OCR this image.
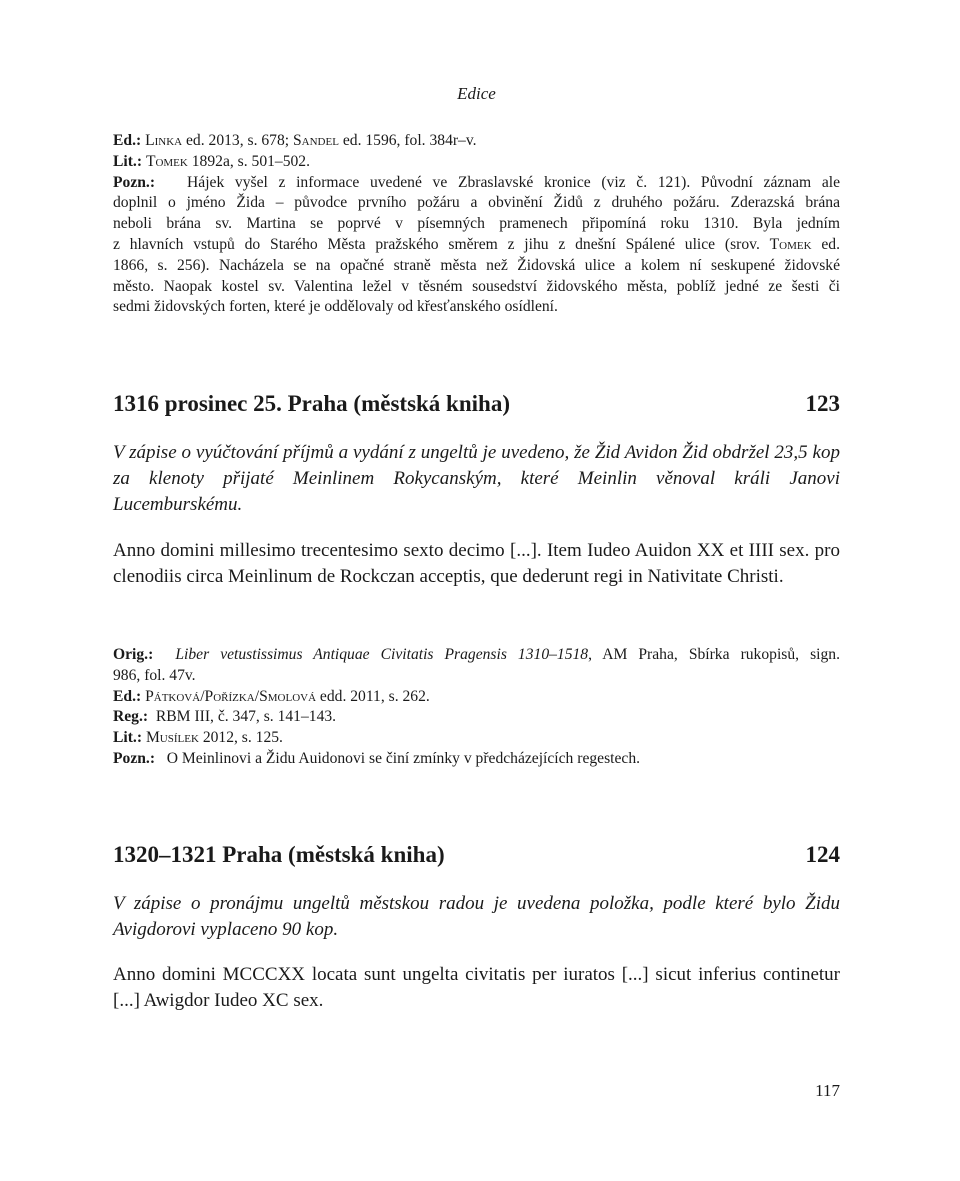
Edice

Ed.: Linka ed. 2013, s. 678; Sandel ed. 1596, fol. 384r–v.

Lit.: Tomek 1892a, s. 501–502.

Pozn.: Hájek vyšel z informace uvedené ve Zbraslavské kronice (viz č. 121). Původní záznam ale

doplnil o jméno Žida – původce prvního požáru a obvinění Židů z druhého požáru. Zderazská brána

neboli brána sv. Martina se poprvé v písemných pramenech připomíná roku 1310. Byla jedním

z hlavních vstupů do Starého Města pražského směrem z jihu z dnešní Spálené ulice (srov. Tomek ed.

1866, s. 256). Nacházela se na opačné straně města než Židovská ulice a kolem ní seskupené židovské

město. Naopak kostel sv. Valentina ležel v těsném sousedství židovského města, poblíž jedné ze šesti či

sedmi židovských forten, které je oddělovaly od křesťanského osídlení.

1316 prosinec 25. Praha (městská kniha)	123
V zápise o vyúčtování příjmů a vydání z ungeltů je uvedeno, že Žid Avidon Žid obdržel 23,5 kop za klenoty přijaté Meinlinem Rokycanským, které Meinlin věnoval králi Janovi Lucemburskému.
Anno domini millesimo trecentesimo sexto decimo [...]. Item Iudeo Auidon XX et IIII sex. pro clenodiis circa Meinlinum de Rockczan acceptis, que dederunt regi in Nativitate Christi.

Orig.: Liber vetustissimus Antiquae Civitatis Pragensis 1310–1518, AM Praha, Sbírka rukopisů, sign.

986, fol. 47v.

Ed.: Pátková/Pořízka/Smolová edd. 2011, s. 262.

Reg.: RBM III, č. 347, s. 141–143.

Lit.: Musílek 2012, s. 125.

Pozn.: O Meinlinovi a Židu Auidonovi se činí zmínky v předcházejících regestech.

1320–1321 Praha (městská kniha)	124
V zápise o pronájmu ungeltů městskou radou je uvedena položka, podle které bylo Židu Avigdorovi vyplaceno 90 kop.
Anno domini MCCCXX locata sunt ungelta civitatis per iuratos [...] sicut inferius continetur [...] Awigdor Iudeo XC sex.
117
